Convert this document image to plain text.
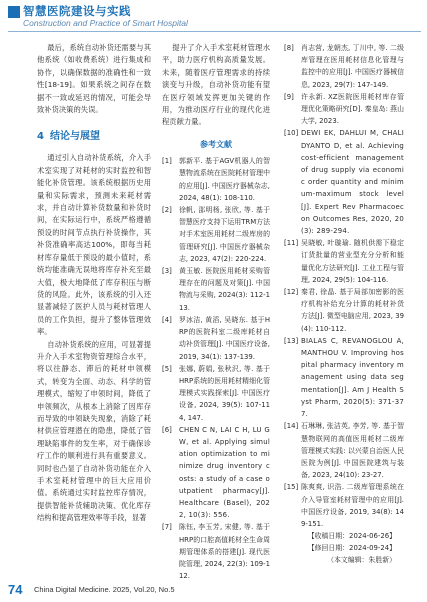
智慧医院建设与实践
Construction and Practice of Smart Hospital

最后，系统自动补货还需要与其他系统（如收费系统）进行集成和协作，以确保数据的准确性和一致性[18-19]。如果系统之间存在数据不一致或延迟的情况，可能会导致补货决策的失误。

4 结论与展望

通过引入自动补货系统，介入手术室实现了对耗材的实时监控和智能化补货管理。该系统根据历史用量和实际需求，预测未来耗材需求，并自动计算补货数量和补货时间，在实际运行中，系统严格遵循预设的时间节点执行补货操作，其补货准确率高达100%，即每当耗材库存量低于预设的最小值时，系统均能准确无误地将库存补充至最大值，极大地降低了库存积压与断货的风险。此外，该系统的引入还显著减轻了医护人员与耗材管理人员的工作负担，提升了整体管理效率。

自动补货系统的应用，可显著提升介入手术室物资管理综合水平，将以往静态、滞后的耗材申领模式，转变为全面、动态、科学的管理模式，缩短了申领时间，降低了申领频次，从根本上消除了因库存而导致的申领缺失现象，消除了耗材供应管理潜在的隐患，降低了管理缺陷事件的发生率，对于确保诊疗工作的顺利进行具有重要意义。同时也凸显了自动补货功能在介入手术室耗材管理中的巨大应用价值。系统通过实时监控库存情况，提供智能补货辅助决策、优化库存结构和提高管理效率等手段，显著

提升了介入手术室耗材管理水平，助力医疗机构高质量发展。未来，随着医疗管理需求的持续演变与升级，自动补货功能有望在医疗领域发挥更加关键的作用，为推动医疗行业的现代化进程贡献力量。

参考文献
[1]	郭新平. 基于AGV机器人的智慧物流系统在医院耗材管理中的应用[J]. 中国医疗器械杂志, 2024, 48(1): 108-110.
[2]	徐帆, 邵明杨, 张欣, 等. 基于智慧医疗支持下运用TRM方法对手术室医用耗材二级库房的管理研究[J]. 中国医疗器械杂志, 2023, 47(2): 220-224.
[3]	黄玉敏. 医院医用耗材采购管理存在的问题及对策[J]. 中国物流与采购, 2024(3): 112-113.
[4]	罗冰洁, 黄滔, 吴晓东. 基于HRP的医院科室二级库耗材自动补货管理[J]. 中国医疗设备, 2019, 34(1): 137-139.
[5]	张娜, 蔚娟, 张秋沢, 等. 基于HRP系统的医用耗材精细化管理模式实践探索[J]. 中国医疗设备, 2024, 39(5): 107-114, 147.
[6]	CHEN C N, LAI C H, LU G W, et al. Applying simulation optimization to minimize drug inventory costs: a study of a case outpatient pharmacy[J]. Healthcare (Basel), 2022, 10(3): 556.
[7]	陈钰, 李玉芳, 宋健, 等. 基于HRP的口腔高值耗材全生命周期管理体系的搭建[J]. 现代医院管理, 2024, 22(3): 109-112.
[8]	肖志营, 龙朝杰, 丁川中, 等. 二级库管理在医用耗材信息化管理与监控中的应用[J]. 中国医疗器械信息, 2023, 29(7): 147-149.
[9]	许永新. XZ医院医用耗材库存管理优化策略研究[D]. 秦皇岛: 燕山大学, 2023.
[10] DEWI EK, DAHLUI M, CHALIDYANTO D, et al. Achieving cost-efficient management of drug supply via economic order quantity and minimum-maximum stock level[J]. Expert Rev Pharmacoecon Outcomes Res, 2020, 20(3): 289-294.
[11] 吴晓敏, 叶璇瑜. 随机供需下稳定订货批量的营业型充分分析和能量优化方法研究[J]. 工业工程与管理, 2024, 29(5): 104-116.
[12] 秦君, 徐晶. 基于局部加密影的医疗机构补给充分计算的耗材补货方法[J]. 微型电脑应用, 2023, 39(4): 110-112.
[13] BIALAS C, REVANOGLOU A, MANTHOU V. Improving hospital pharmacy inventory management using data segmentation[J]. Am J Health Syst Pharm, 2020(5): 371-377.
[14] 石琳琳, 张洁英, 李芳, 等. 基于智慧物联网的高值医用耗材二级库管理模式实践: 以兴蒙自治医人民医院为例[J]. 中国医院建筑与装备, 2023, 24(10): 23-27.
[15] 陈爽爽, 识浩. 二级库管理系统在介入导管室耗材管理中的应用[J]. 中国医疗设备, 2019, 34(8): 149-151.
【收稿日期：2024-06-26】
【修回日期：2024-09-24】
（本文编辑：朱胜新）
74 China Digital Medicine. 2025, Vol.20, No.5
